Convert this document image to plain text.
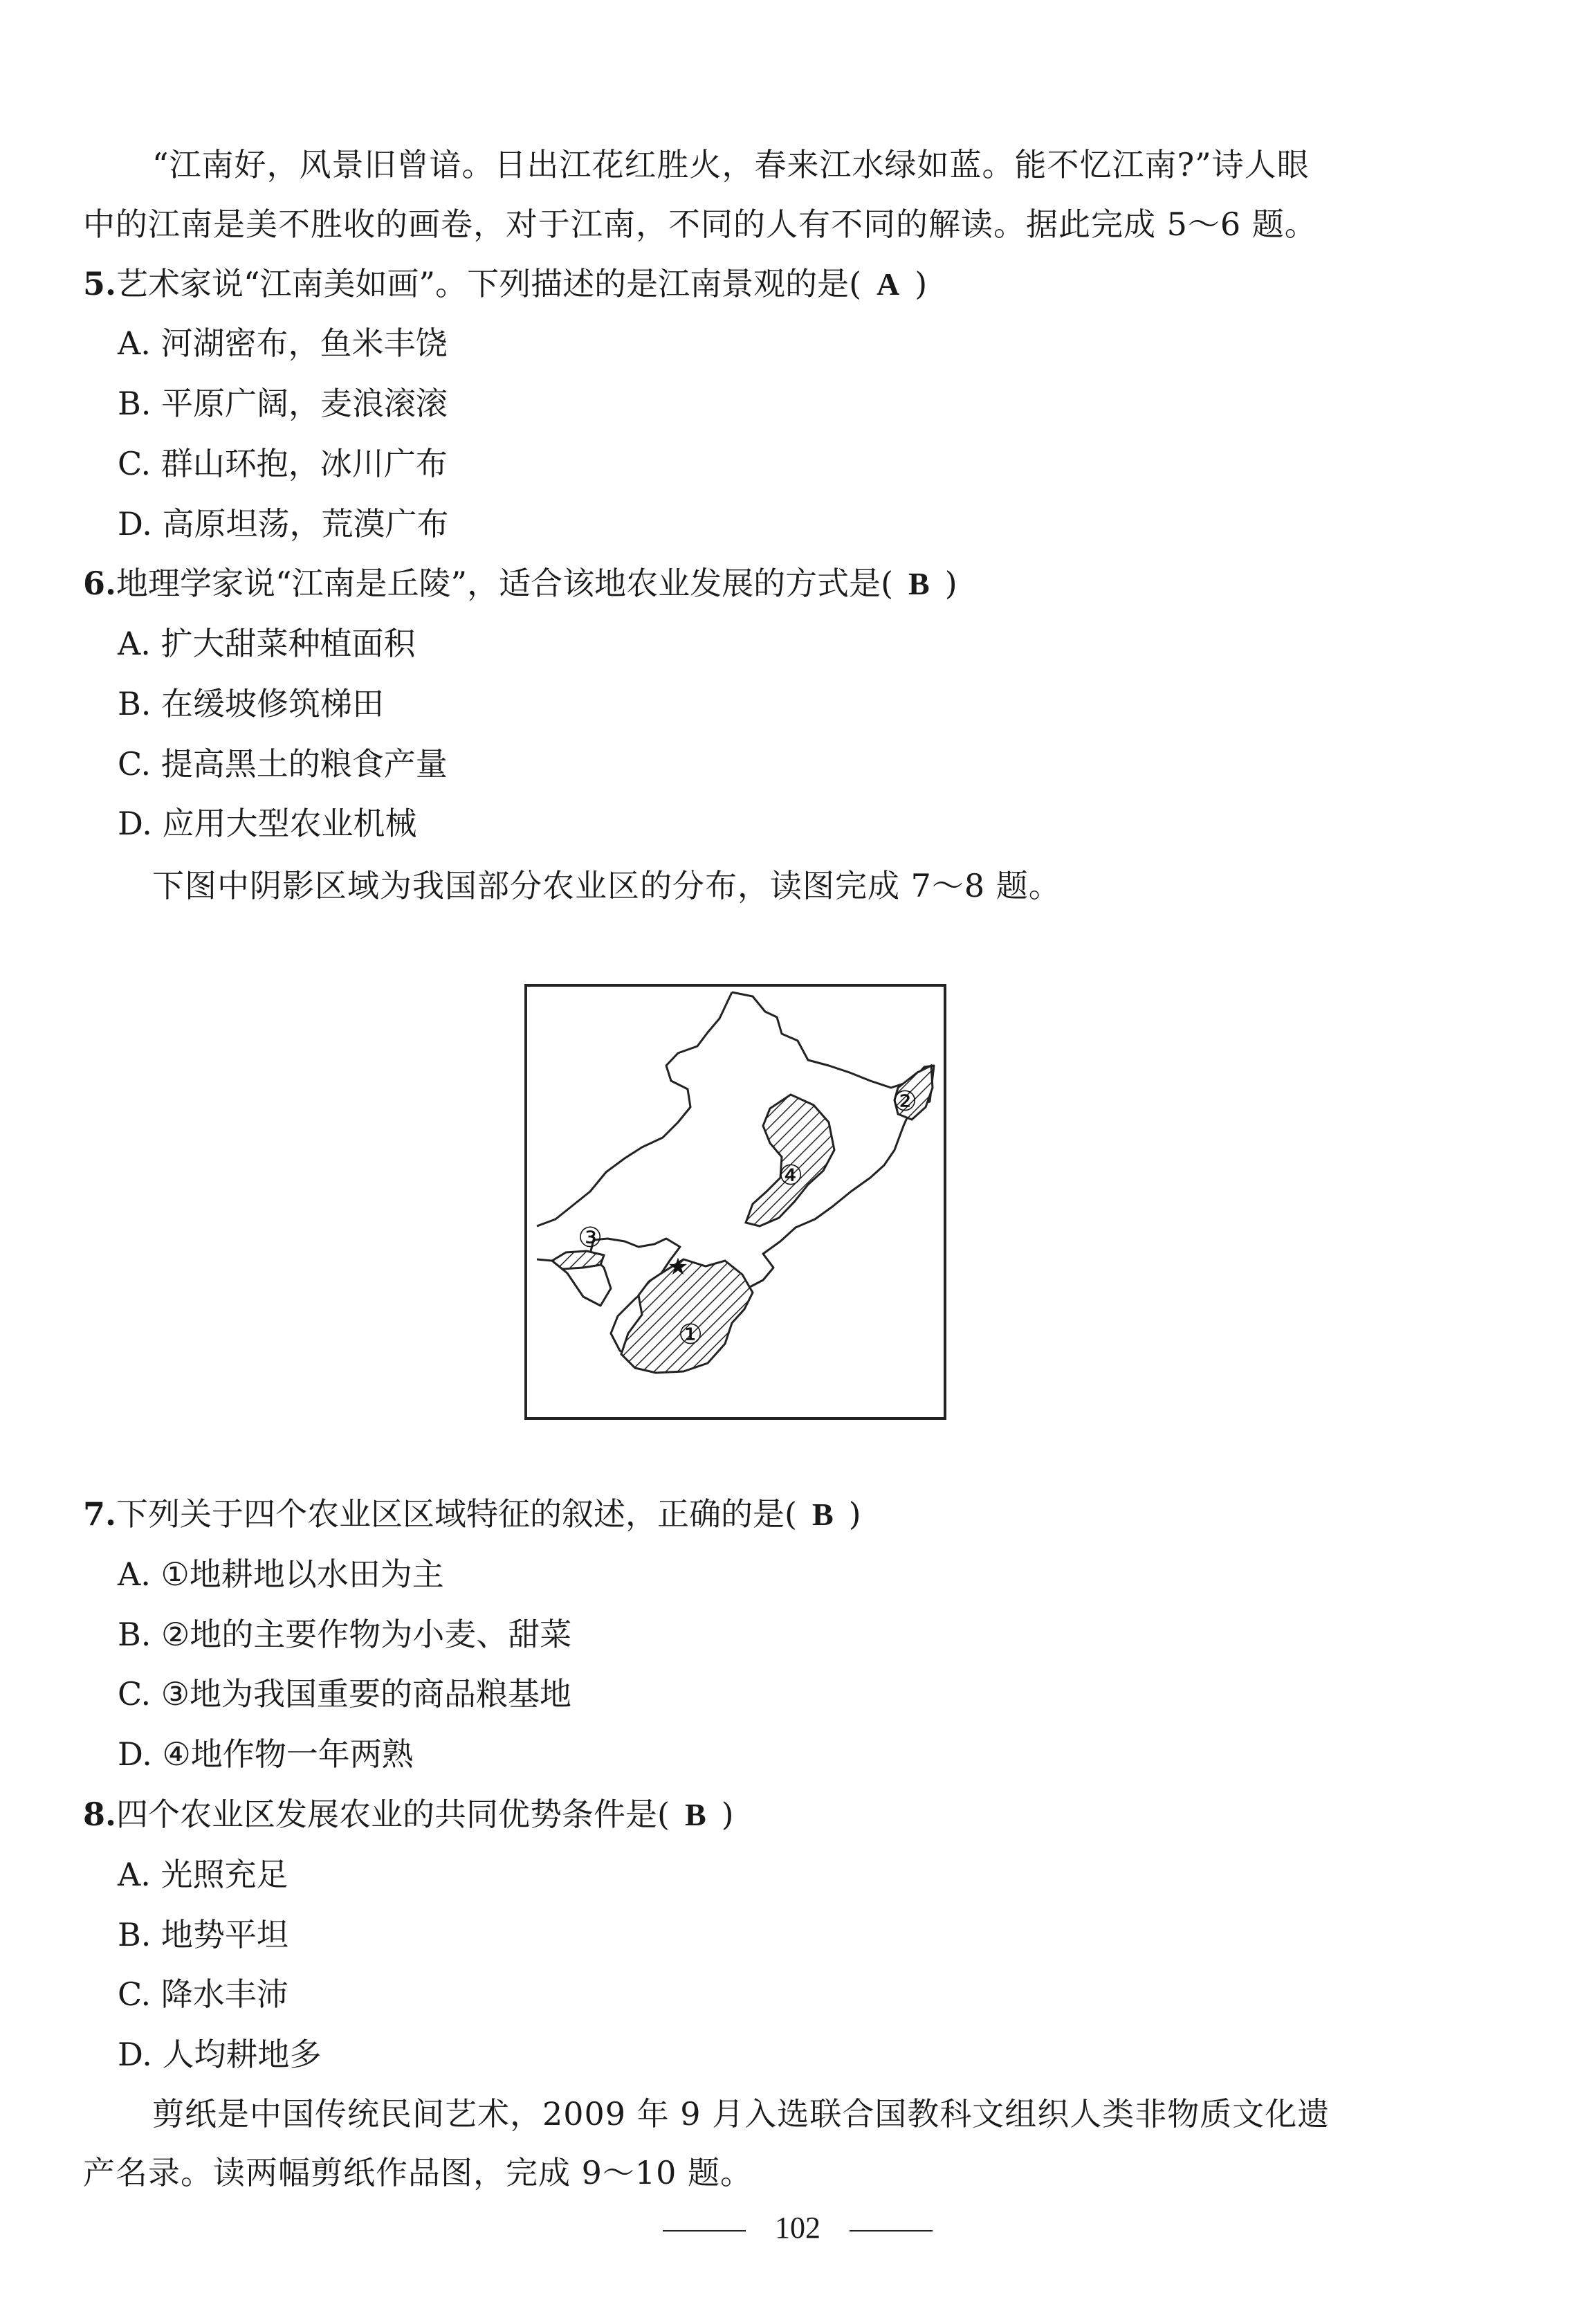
“江南好，风景旧曾谙。日出江花红胜火，春来江水绿如蓝。能不忆江南?”诗人眼
中的江南是美不胜收的画卷，对于江南，不同的人有不同的解读。据此完成 5～6 题。
5.艺术家说“江南美如画”。下列描述的是江南景观的是( A )
A. 河湖密布，鱼米丰饶
B. 平原广阔，麦浪滚滚
C. 群山环抱，冰川广布
D. 高原坦荡，荒漠广布
6.地理学家说“江南是丘陵”，适合该地农业发展的方式是( B )
A. 扩大甜菜种植面积
B. 在缓坡修筑梯田
C. 提高黑土的粮食产量
D. 应用大型农业机械
下图中阴影区域为我国部分农业区的分布，读图完成 7～8 题。
★
①
②
③
④
7.下列关于四个农业区区域特征的叙述，正确的是( B )
A. ①地耕地以水田为主
B. ②地的主要作物为小麦、甜菜
C. ③地为我国重要的商品粮基地
D. ④地作物一年两熟
8.四个农业区发展农业的共同优势条件是( B )
A. 光照充足
B. 地势平坦
C. 降水丰沛
D. 人均耕地多
剪纸是中国传统民间艺术，2009 年 9 月入选联合国教科文组织人类非物质文化遗
产名录。读两幅剪纸作品图，完成 9～10 题。
102
